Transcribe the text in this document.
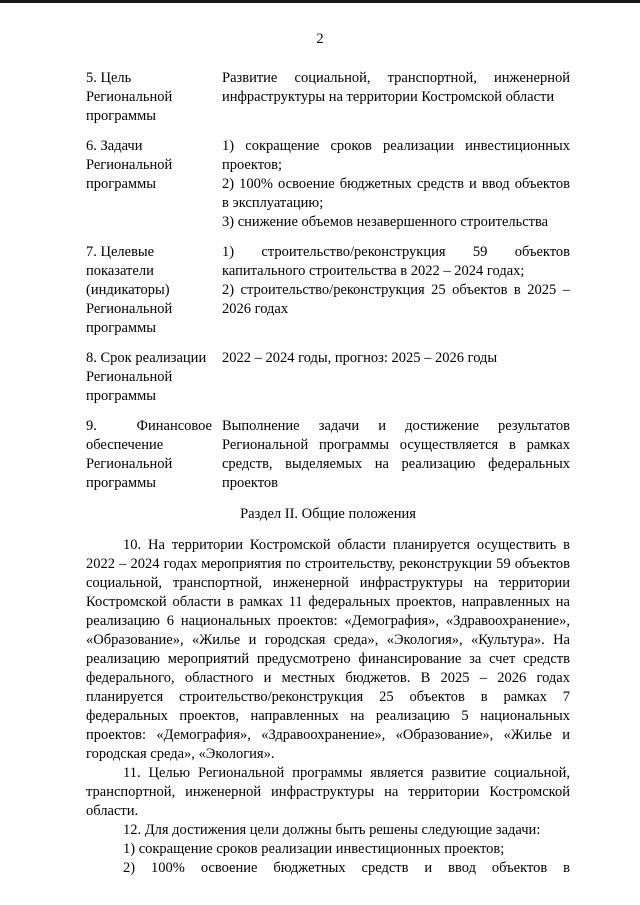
2
5. Цель Региональной программы
Развитие социальной, транспортной, инженерной инфраструктуры на территории Костромской области
6. Задачи Региональной программы
1) сокращение сроков реализации инвестиционных проектов;
2) 100% освоение бюджетных средств и ввод объектов в эксплуатацию;
3) снижение объемов незавершенного строительства
7. Целевые показатели (индикаторы) Региональной программы
1) строительство/реконструкция 59 объектов капитального строительства в 2022 – 2024 годах;
2) строительство/реконструкция 25 объектов в 2025 – 2026 годах
8. Срок реализации Региональной программы
2022 – 2024 годы, прогноз: 2025 – 2026 годы
9. Финансовое обеспечение Региональной программы
Выполнение задачи и достижение результатов Региональной программы осуществляется в рамках средств, выделяемых на реализацию федеральных проектов
Раздел II. Общие положения

10. На территории Костромской области планируется осуществить в 2022 – 2024 годах мероприятия по строительству, реконструкции 59 объектов социальной, транспортной, инженерной инфраструктуры на территории Костромской области в рамках 11 федеральных проектов, направленных на реализацию 6 национальных проектов: «Демография», «Здравоохранение», «Образование», «Жилье и городская среда», «Экология», «Культура». На реализацию мероприятий предусмотрено финансирование за счет средств федерального, областного и местных бюджетов. В 2025 – 2026 годах планируется строительство/реконструкция 25 объектов в рамках 7 федеральных проектов, направленных на реализацию 5 национальных проектов: «Демография», «Здравоохранение», «Образование», «Жилье и городская среда», «Экология».

11. Целью Региональной программы является развитие социальной, транспортной, инженерной инфраструктуры на территории Костромской области.

12. Для достижения цели должны быть решены следующие задачи:

1) сокращение сроков реализации инвестиционных проектов;

2) 100% освоение бюджетных средств и ввод объектов в
